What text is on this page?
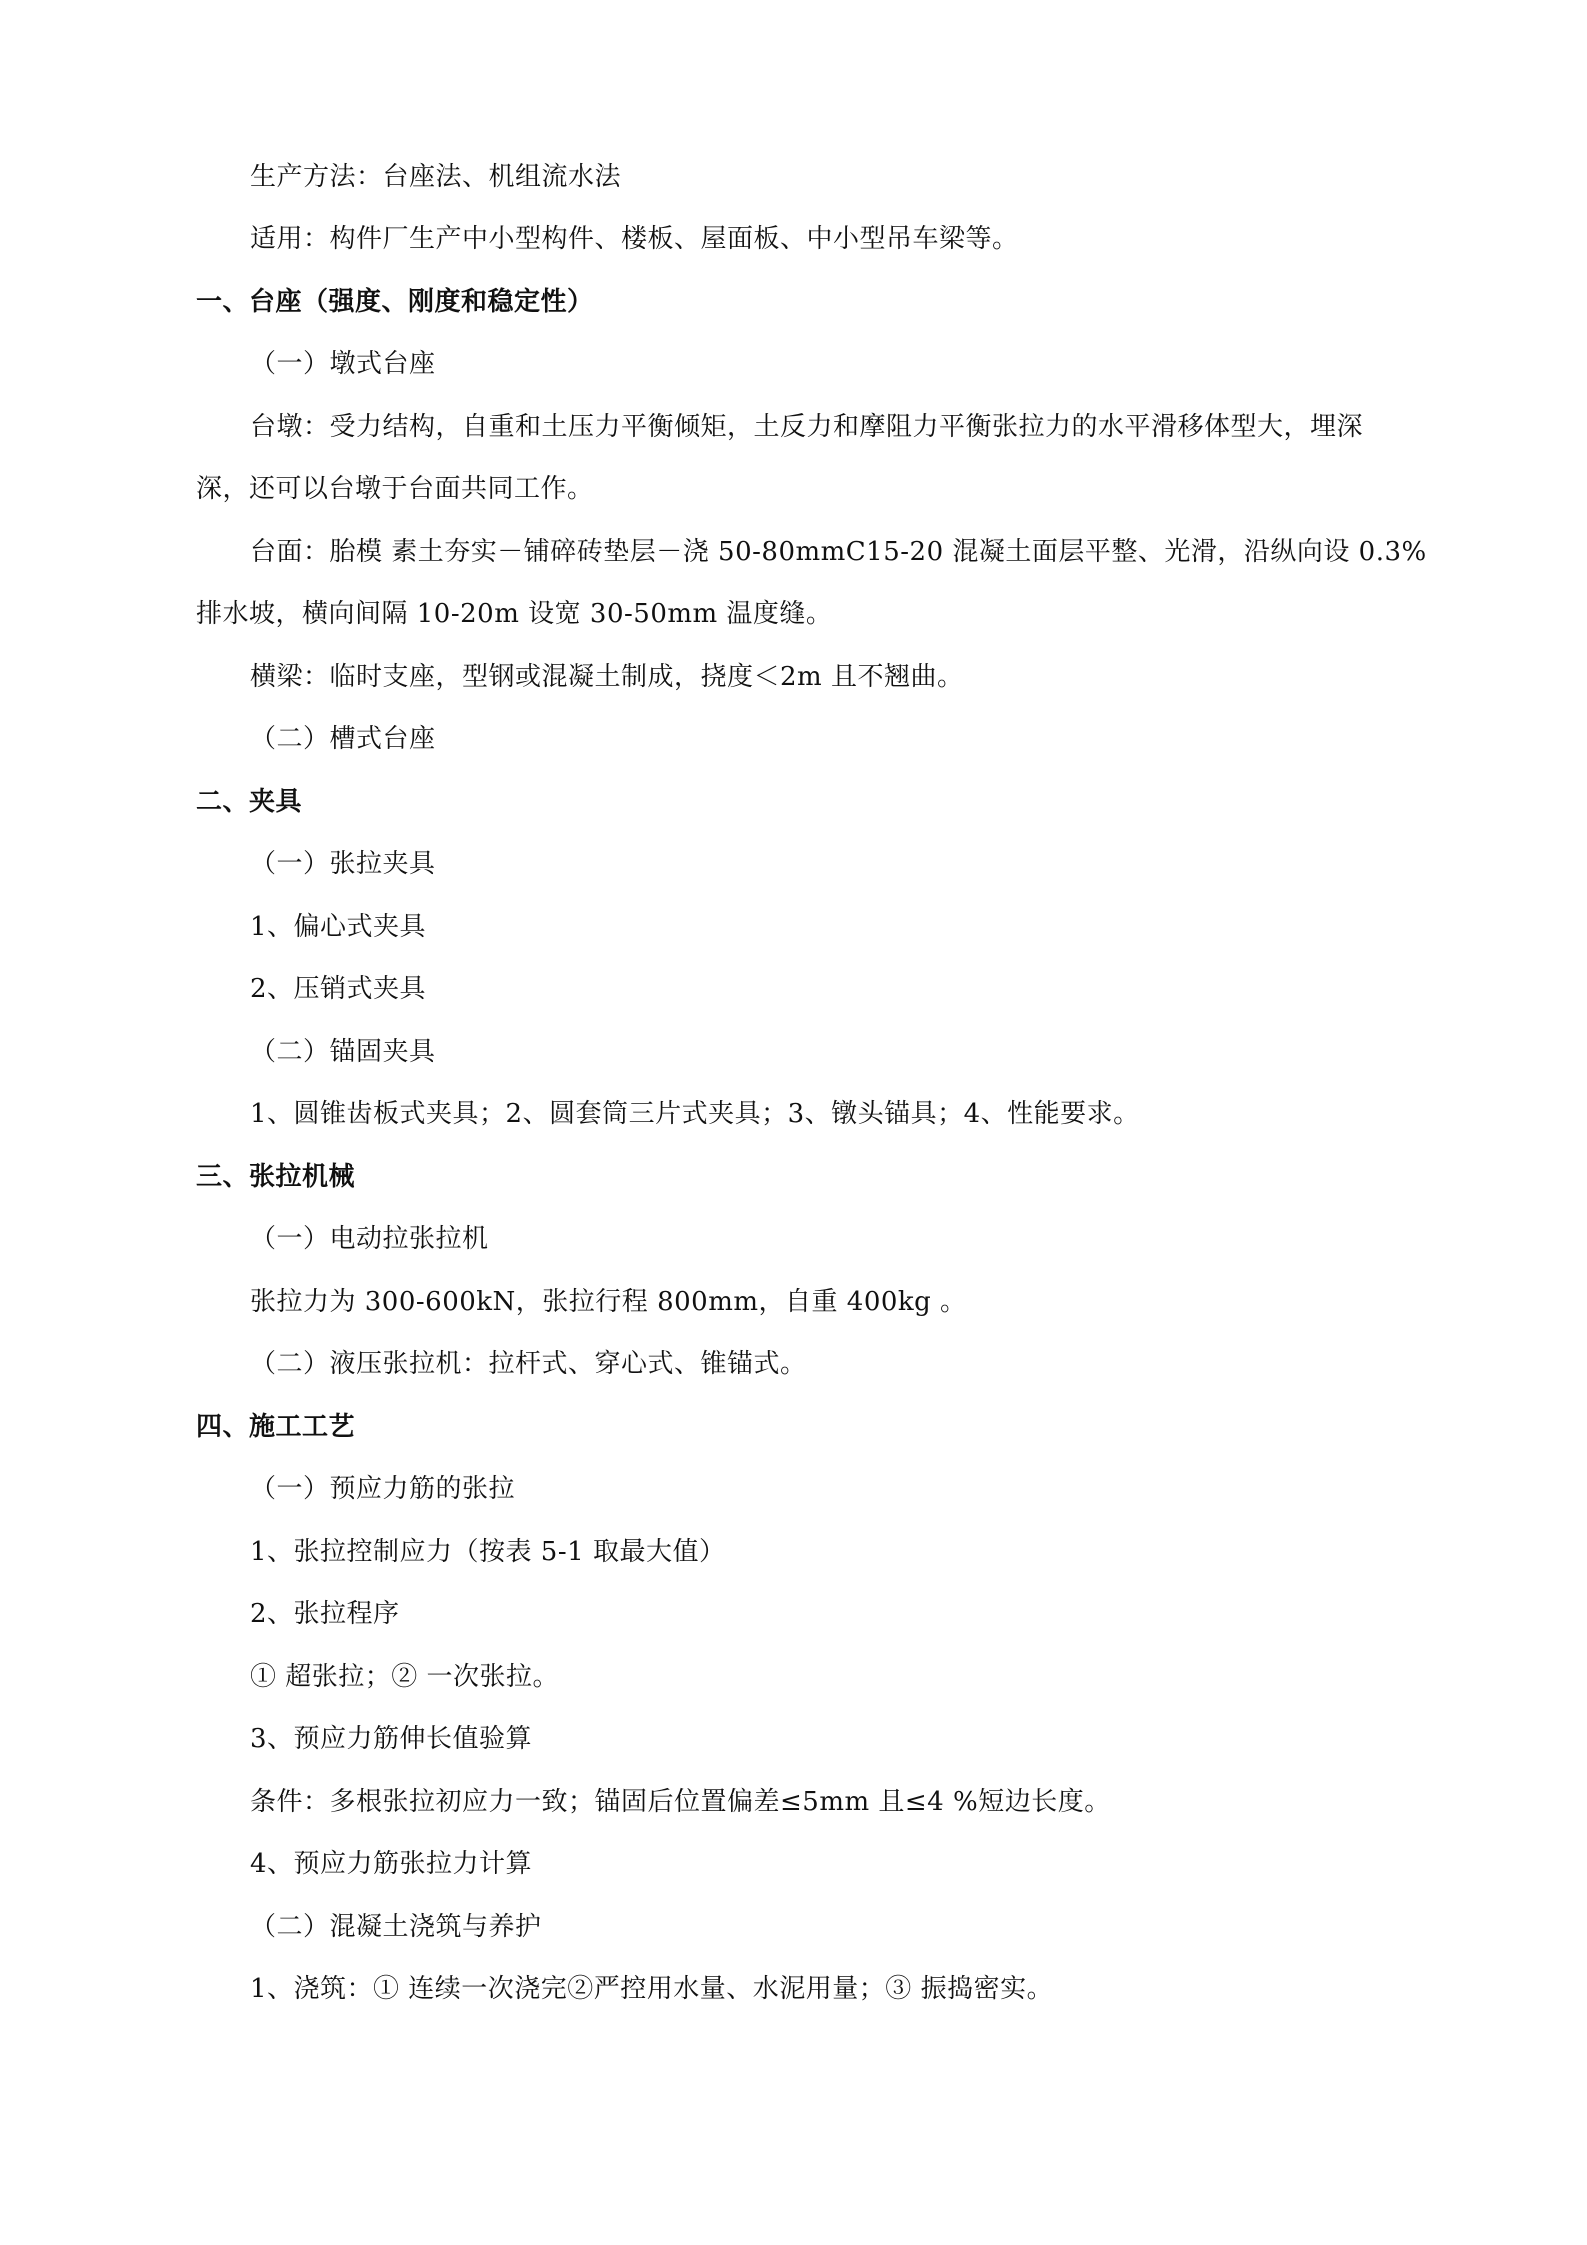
生产方法：台座法、机组流水法
适用：构件厂生产中小型构件、楼板、屋面板、中小型吊车梁等。
一、台座（强度、刚度和稳定性）
（一）墩式台座
台墩：受力结构，自重和土压力平衡倾矩，土反力和摩阻力平衡张拉力的水平滑移体型大，埋深
深，还可以台墩于台面共同工作。
台面：胎模 素土夯实－铺碎砖垫层－浇 50-80mmC15-20 混凝土面层平整、光滑，沿纵向设 0.3%
排水坡，横向间隔 10-20m 设宽 30-50mm 温度缝。
横梁：临时支座，型钢或混凝土制成，挠度＜2m 且不翘曲。
（二）槽式台座
二、夹具
（一）张拉夹具
1、偏心式夹具
2、压销式夹具
（二）锚固夹具
1、圆锥齿板式夹具；2、圆套筒三片式夹具；3、镦头锚具；4、性能要求。
三、张拉机械
（一）电动拉张拉机
张拉力为 300-600kN，张拉行程 800mm，自重 400kg 。
（二）液压张拉机：拉杆式、穿心式、锥锚式。
四、施工工艺
（一）预应力筋的张拉
1、张拉控制应力（按表 5-1 取最大值）
2、张拉程序
① 超张拉；② 一次张拉。
3、预应力筋伸长值验算
条件：多根张拉初应力一致；锚固后位置偏差≤5mm 且≤4 %短边长度。
4、预应力筋张拉力计算
（二）混凝土浇筑与养护
1、浇筑：① 连续一次浇完②严控用水量、水泥用量；③ 振捣密实。
